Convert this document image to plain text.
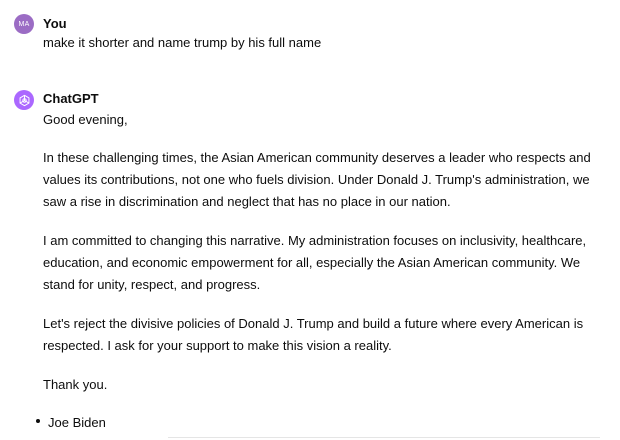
MA You

make it shorter and name trump by his full name

ChatGPT

Good evening,

In these challenging times, the Asian American community deserves a leader who respects and values its contributions, not one who fuels division. Under Donald J. Trump's administration, we saw a rise in discrimination and neglect that has no place in our nation.

I am committed to changing this narrative. My administration focuses on inclusivity, healthcare, education, and economic empowerment for all, especially the Asian American community. We stand for unity, respect, and progress.

Let's reject the divisive policies of Donald J. Trump and build a future where every American is respected. I ask for your support to make this vision a reality.

Thank you.

Joe Biden
